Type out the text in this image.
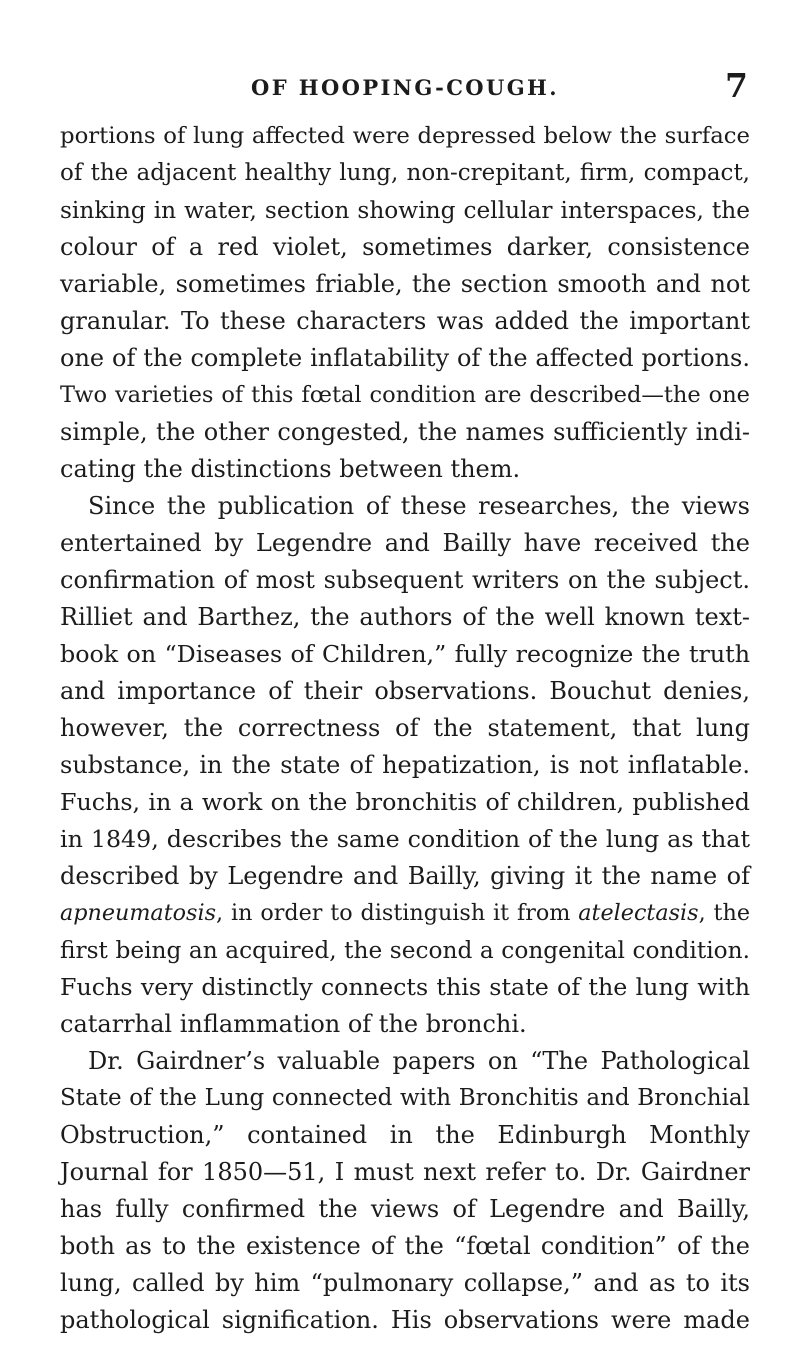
OF HOOPING-COUGH.	7
portions of lung affected were depressed below the surface
of the adjacent healthy lung, non-crepitant, firm, compact,
sinking in water, section showing cellular interspaces, the
colour of a red violet, sometimes darker, consistence
variable, sometimes friable, the section smooth and not
granular. To these characters was added the important
one of the complete inflatability of the affected portions.
Two varieties of this fœtal condition are described—the one
simple, the other congested, the names sufficiently indi-
cating the distinctions between them.
Since the publication of these researches, the views
entertained by Legendre and Bailly have received the
confirmation of most subsequent writers on the subject.
Rilliet and Barthez, the authors of the well known text-
book on “Diseases of Children,” fully recognize the truth
and importance of their observations. Bouchut denies,
however, the correctness of the statement, that lung
substance, in the state of hepatization, is not inflatable.
Fuchs, in a work on the bronchitis of children, published
in 1849, describes the same condition of the lung as that
described by Legendre and Bailly, giving it the name of
apneumatosis, in order to distinguish it from atelectasis, the
first being an acquired, the second a congenital condition.
Fuchs very distinctly connects this state of the lung with
catarrhal inflammation of the bronchi.
Dr. Gairdner’s valuable papers on “The Pathological
State of the Lung connected with Bronchitis and Bronchial
Obstruction,” contained in the Edinburgh Monthly
Journal for 1850—51, I must next refer to. Dr. Gairdner
has fully confirmed the views of Legendre and Bailly,
both as to the existence of the “fœtal condition” of the
lung, called by him “pulmonary collapse,” and as to its
pathological signification. His observations were made
